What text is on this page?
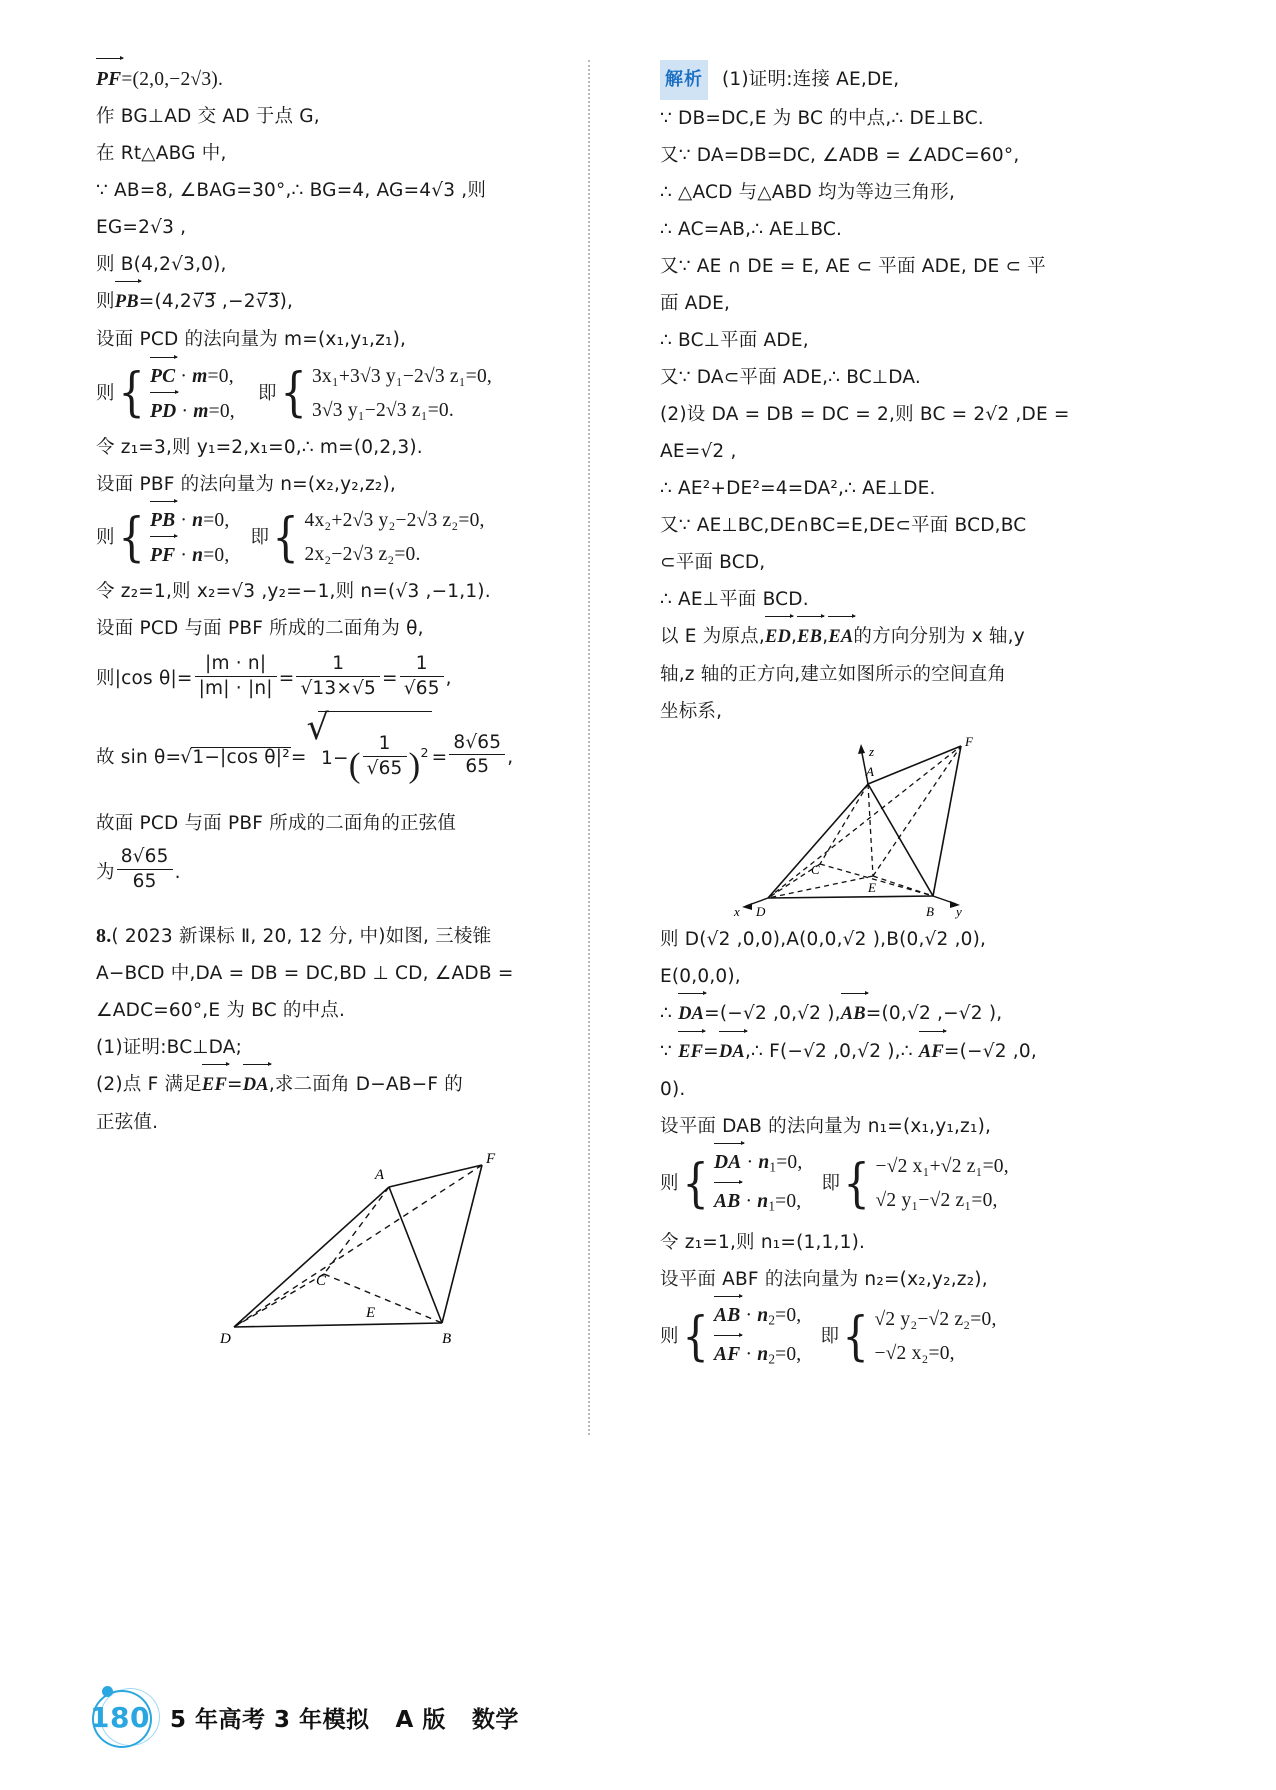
PF=(2,0,−2√3).
作 BG⊥AD 交 AD 于点 G,
在 Rt△ABG 中,
∵ AB=8, ∠BAG=30°,∴ BG=4, AG=4√3 ,则
EG=2√3 ,
则 B(4,2√3,0),
则PB=(4,2√̅3̅ ,−2√̅3̅),
设面 PCD 的法向量为 m=(x₁,y₁,z₁),
则 { PC · m=0,
PD · m=0,
即 { 3x₁+3√3 y₁−2√3 z₁=0,
3√3 y₁−2√3 z₁=0.
令 z₁=3,则 y₁=2,x₁=0,∴ m=(0,2,3).
设面 PBF 的法向量为 n=(x₂,y₂,z₂),
则 { PB · n=0,
PF · n=0,
即 { 4x₂+2√3 y₂−2√3 z₂=0,
2x₂−2√3 z₂=0.
令 z₂=1,则 x₂=√3 ,y₂=−1,则 n=(√3 ,−1,1).
设面 PCD 与面 PBF 所成的二面角为 θ,
则|cos $\theta|= \frac{|m \cdot n|}{|m| \cdot |n|} = \frac{1}{√13\times√5} = \frac{1}{√65}$ ,
故 sin θ= √ 1−|cos θ|²= √ $1-( \frac{1}{√65} )^2 = \frac{8√65}{65}$ ,
故面 PCD 与面 PBF 所成的二面角的正弦值
为 $\frac{8√65}{65}$ .
8.( 2023 新课标 Ⅱ, 20, 12 分, 中)如图, 三棱锥
A−BCD 中,DA = DB = DC,BD ⊥ CD, ∠ADB =
∠ADC=60°,E 为 BC 的中点.
(1)证明:BC⊥DA;
(2)点 F 满足EF=DA,求二面角 D−AB−F 的
正弦值.
A
F
C
E
D	B
解析 (1)证明:连接 AE,DE,
∵ DB=DC,E 为 BC 的中点,∴ DE⊥BC.
又∵ DA=DB=DC, ∠ADB = ∠ADC=60°,
∴ △ACD 与△ABD 均为等边三角形,
∴ AC=AB,∴ AE⊥BC.
又∵ AE ∩ DE = E, AE ⊂ 平面 ADE, DE ⊂ 平
面 ADE,
∴ BC⊥平面 ADE,
又∵ DA⊂平面 ADE,∴ BC⊥DA.
(2)设 DA = DB = DC = 2,则 BC = 2√2 ,DE =
AE=√2 ,
∴ AE²+DE²=4=DA²,∴ AE⊥DE.
又∵ AE⊥BC,DE∩BC=E,DE⊂平面 BCD,BC
⊂平面 BCD,
∴ AE⊥平面 BCD.
以 E 为原点,ED,EB,EA的方向分别为 x 轴,y
轴,z 轴的正方向,建立如图所示的空间直角
坐标系,
z
A
F
C
E
x D	B y
则 D(√2 ,0,0),A(0,0,√2 ),B(0,√2 ,0),
E(0,0,0),
∴ DA=(−√2 ,0,√2 ),AB=(0,√2 ,−√2 ),
∵ EF=DA,∴ F(−√2 ,0,√2 ),∴ AF=(−√2 ,0,
0).
设平面 DAB 的法向量为 n₁=(x₁,y₁,z₁),
则 { DA · $n_1=0$,
AB · $n_1=0$,
即 { −√2 x₁+√2 z₁=0,
√2 y₁−√2 z₁=0,
令 z₁=1,则 n₁=(1,1,1).
设平面 ABF 的法向量为 n₂=(x₂,y₂,z₂),
则 { AB · $n_2=0$,
AF · $n_2=0$,
即 { √2 y₂−√2 z₂=0,
−√2 x₂=0,
180 5 年高考 3 年模拟 A 版 数学
